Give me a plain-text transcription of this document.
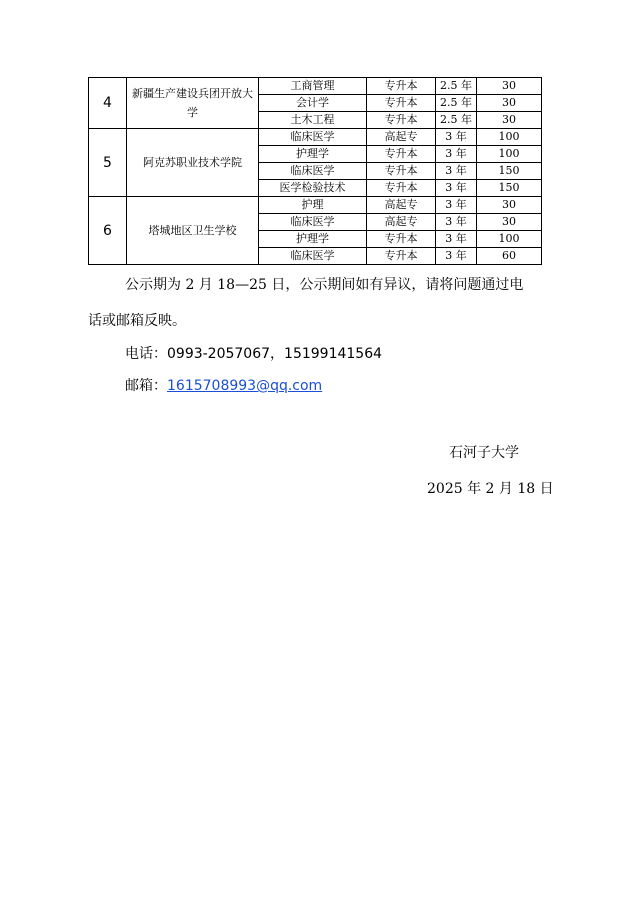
4	新疆生产建设兵团开放大学	工商管理	专升本	2.5 年	30
		会计学	专升本	2.5 年	30
		土木工程	专升本	2.5 年	30
5	阿克苏职业技术学院	临床医学	高起专	3 年	100
		护理学	专升本	3 年	100
		临床医学	专升本	3 年	150
		医学检验技术	专升本	3 年	150
6	塔城地区卫生学校	护理	高起专	3 年	30
		临床医学	高起专	3 年	30
		护理学	专升本	3 年	100
		临床医学	专升本	3 年	60

公示期为 2 月 18—25 日，公示期间如有异议，请将问题通过电

话或邮箱反映。

电话：0993-2057067，15199141564

邮箱：1615708993@qq.com

石河子大学

2025 年 2 月 18 日
